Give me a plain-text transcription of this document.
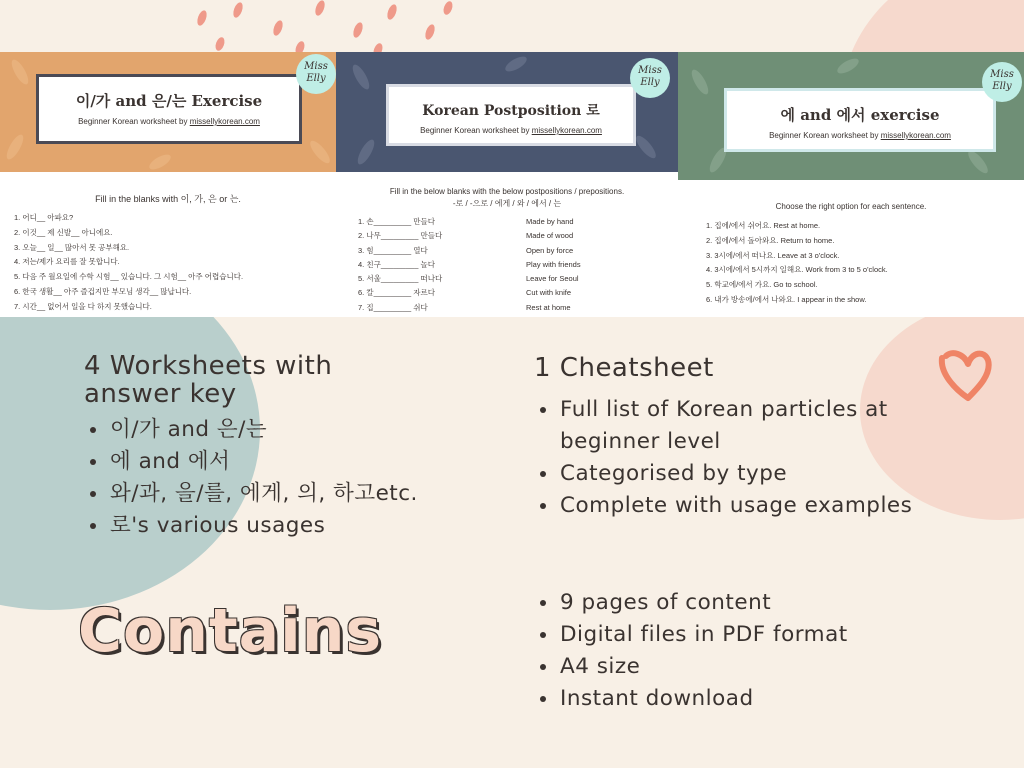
이/가 and 은/는 Exercise
Beginner Korean worksheet by missellykorean.com
Miss Elly
Fill in the blanks with 이, 가, 은 or 는.
1. 어디__ 아파요?
2. 이것__ 제 신발__ 아니에요.
3. 오늘__ 일__ 많아서 못 공부해요.
4. 저는/제가 요리를 잘 못합니다.
5. 다음 주 월요일에 수학 시험__ 있습니다. 그 시험__ 아주 어렵습니다.
6. 한국 생활__ 아주 즐겁지만 부모님 생각__ 많납니다.
7. 시간__ 없어서 일을 다 하지 못했습니다.
Korean Postposition 로
Beginner Korean worksheet by missellykorean.com
Miss Elly
Fill in the below blanks with the below postpositions / prepositions.
-로 / -으로 / 에게 / 와 / 에서 / 는
1. 손_________ 만들다	Made by hand
2. 나무_________ 만들다	Made of wood
3. 힘_________ 열다	Open by force
4. 친구_________ 놀다	Play with friends
5. 서울_________ 떠나다	Leave for Seoul
6. 칼_________ 자르다	Cut with knife
7. 집_________ 쉬다	Rest at home
에 and 에서 exercise
Beginner Korean worksheet by missellykorean.com
Miss Elly
Choose the right option for each sentence.
1. 집에/에서 쉬어요. Rest at home.
2. 집에/에서 돌아와요. Return to home.
3. 3시에/에서 떠나요. Leave at 3 o'clock.
4. 3시에/에서 5시까지 일해요. Work from 3 to 5 o'clock.
5. 학교에/에서 가요. Go to school.
6. 내가 방송에/에서 나와요. I appear in the show.
4 Worksheets with answer key
이/가 and 은/는
에 and 에서
와/과, 을/를, 에게, 의, 하고etc.
로's various usages
1 Cheatsheet
Full list of Korean particles at beginner level
Categorised by type
Complete with usage examples
9 pages of content
Digital files in PDF format
A4 size
Instant download
Contains
